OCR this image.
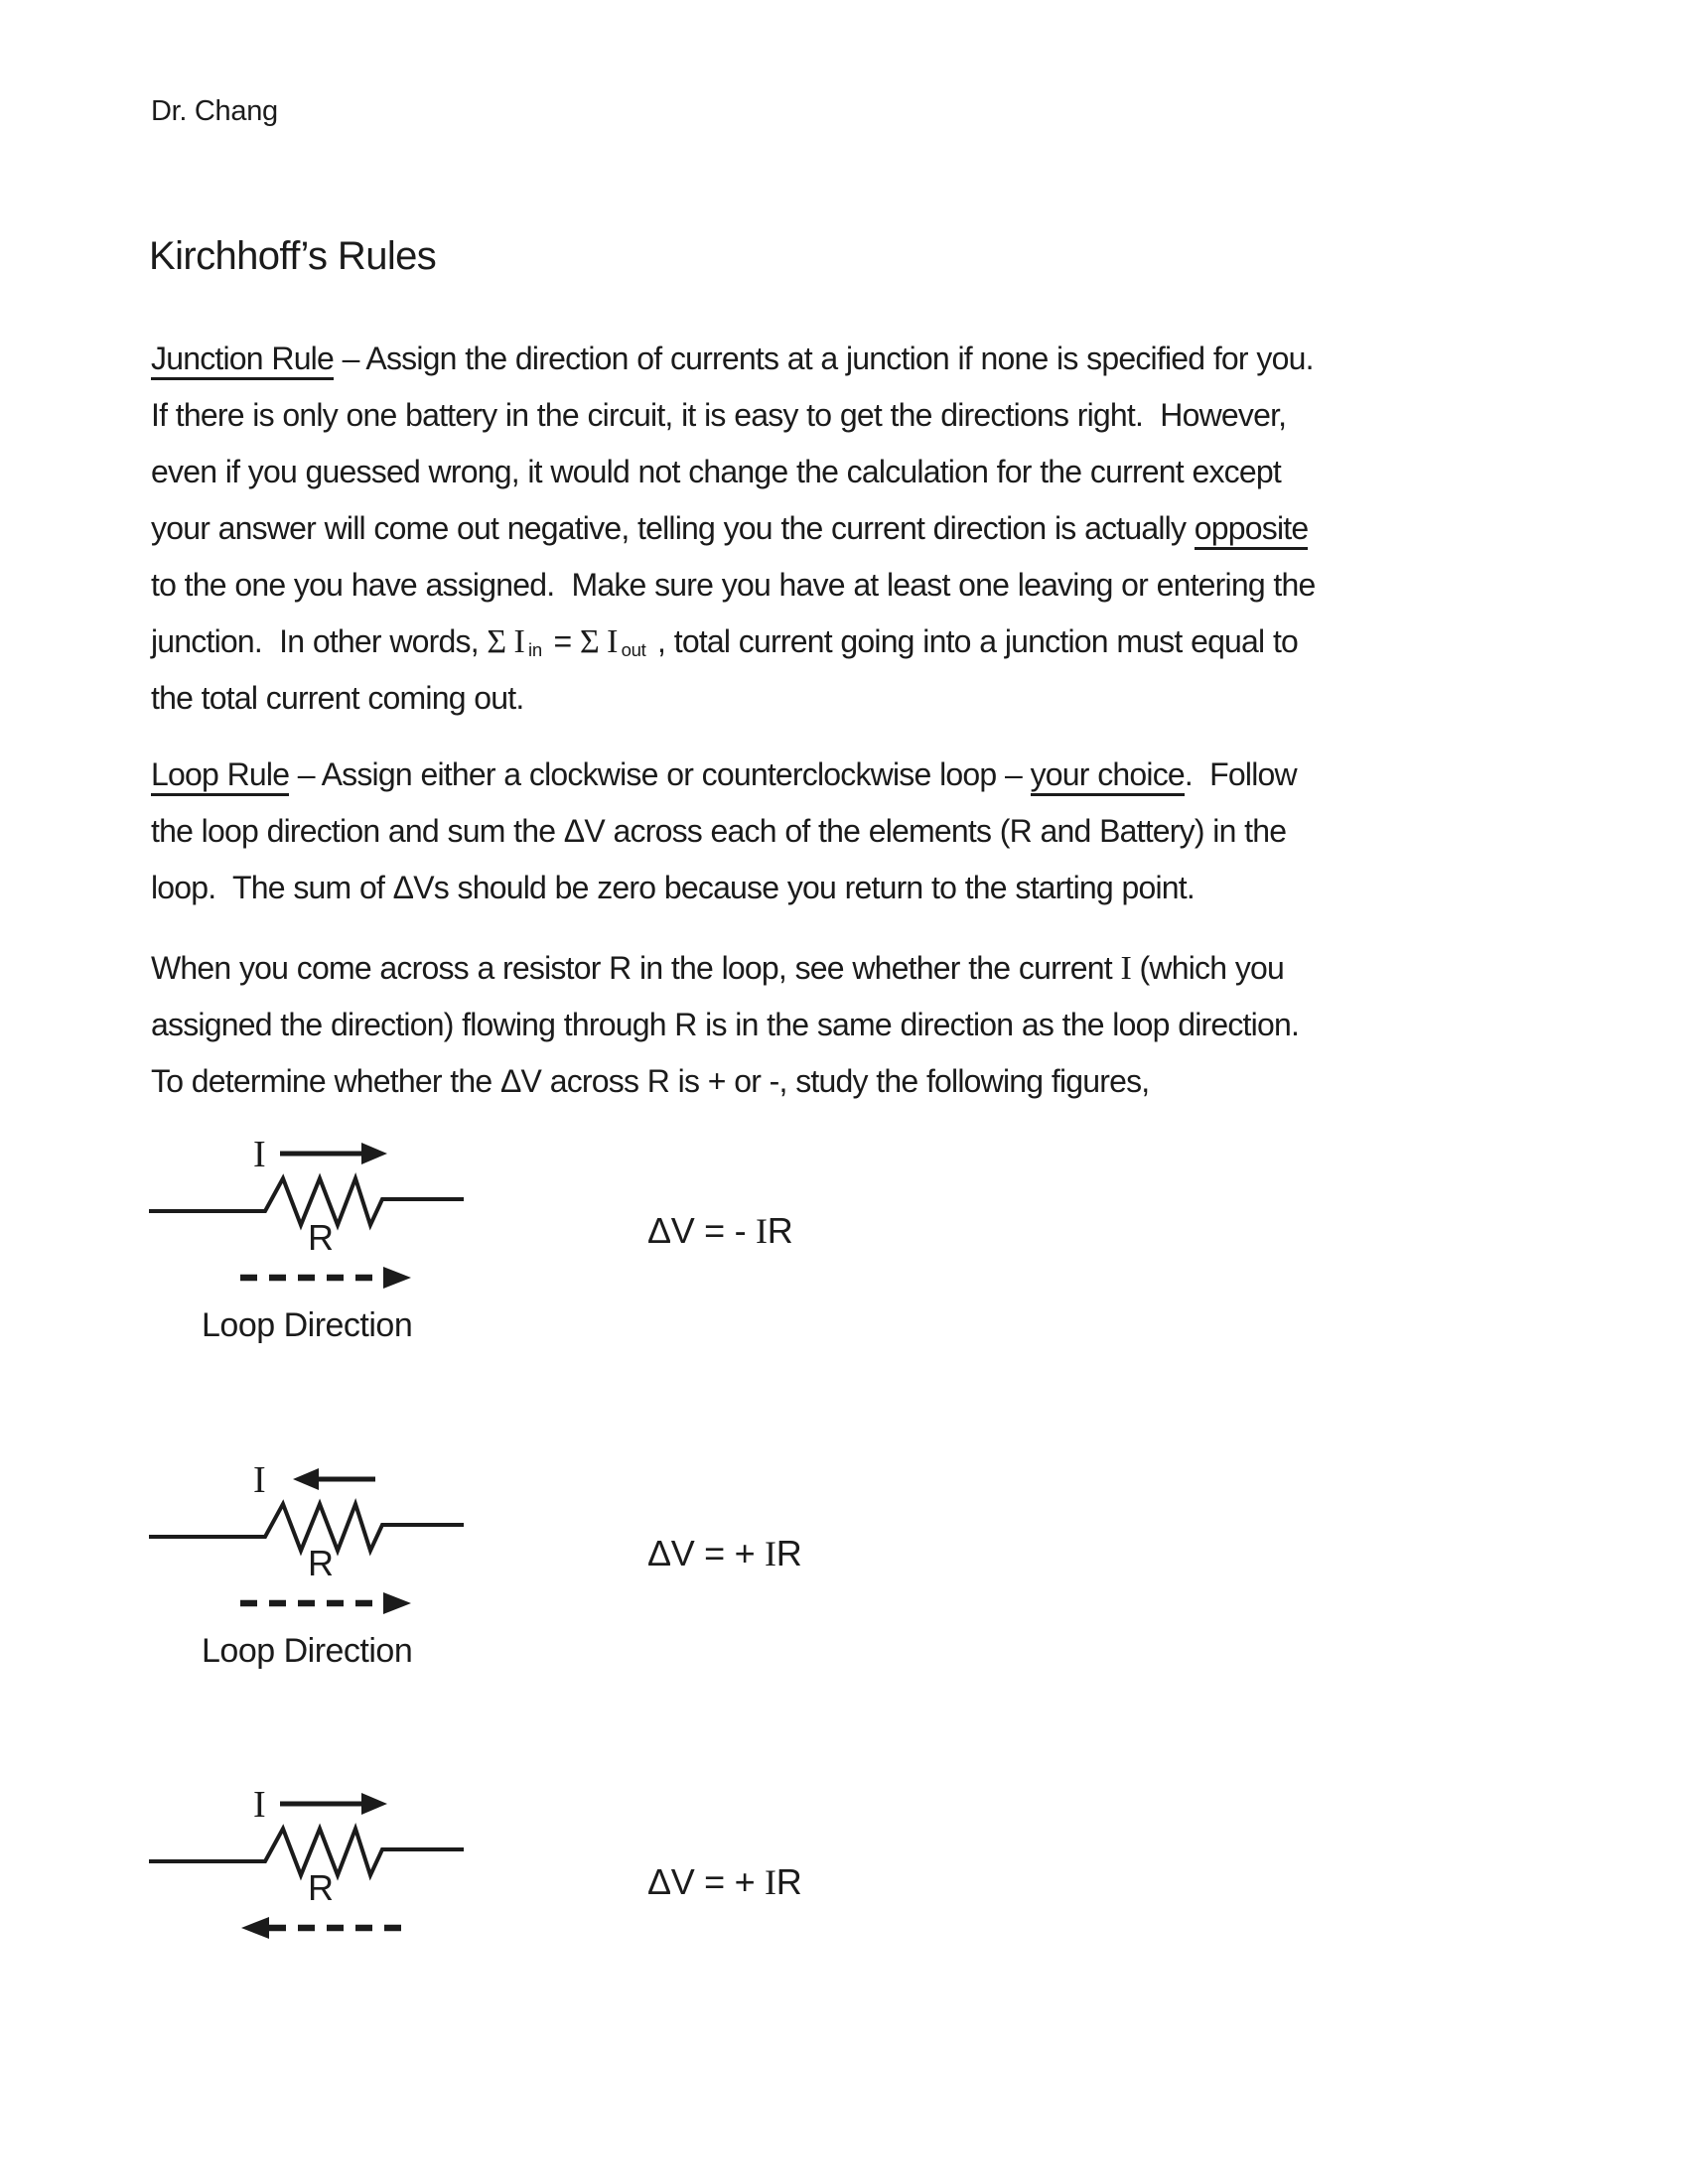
Dr. Chang
Kirchhoff’s Rules
Junction Rule – Assign the direction of currents at a junction if none is specified for you.
If there is only one battery in the circuit, it is easy to get the directions right.  However,
even if you guessed wrong, it would not change the calculation for the current except
your answer will come out negative, telling you the current direction is actually opposite
to the one you have assigned.  Make sure you have at least one leaving or entering the
junction.  In other words, Σ I $_{in}$ = Σ I $_{out}$ , total current going into a junction must equal to
the total current coming out.
Loop Rule – Assign either a clockwise or counterclockwise loop – your choice.  Follow
the loop direction and sum the ΔV across each of the elements (R and Battery) in the
loop.  The sum of ΔVs should be zero because you return to the starting point.
When you come across a resistor R in the loop, see whether the current I (which you
assigned the direction) flowing through R is in the same direction as the loop direction.
To determine whether the ΔV across R is + or -, study the following figures,
I
R
Loop Direction
ΔV = - IR
I
R
Loop Direction
ΔV = + IR
I
R	ΔV = + IR
